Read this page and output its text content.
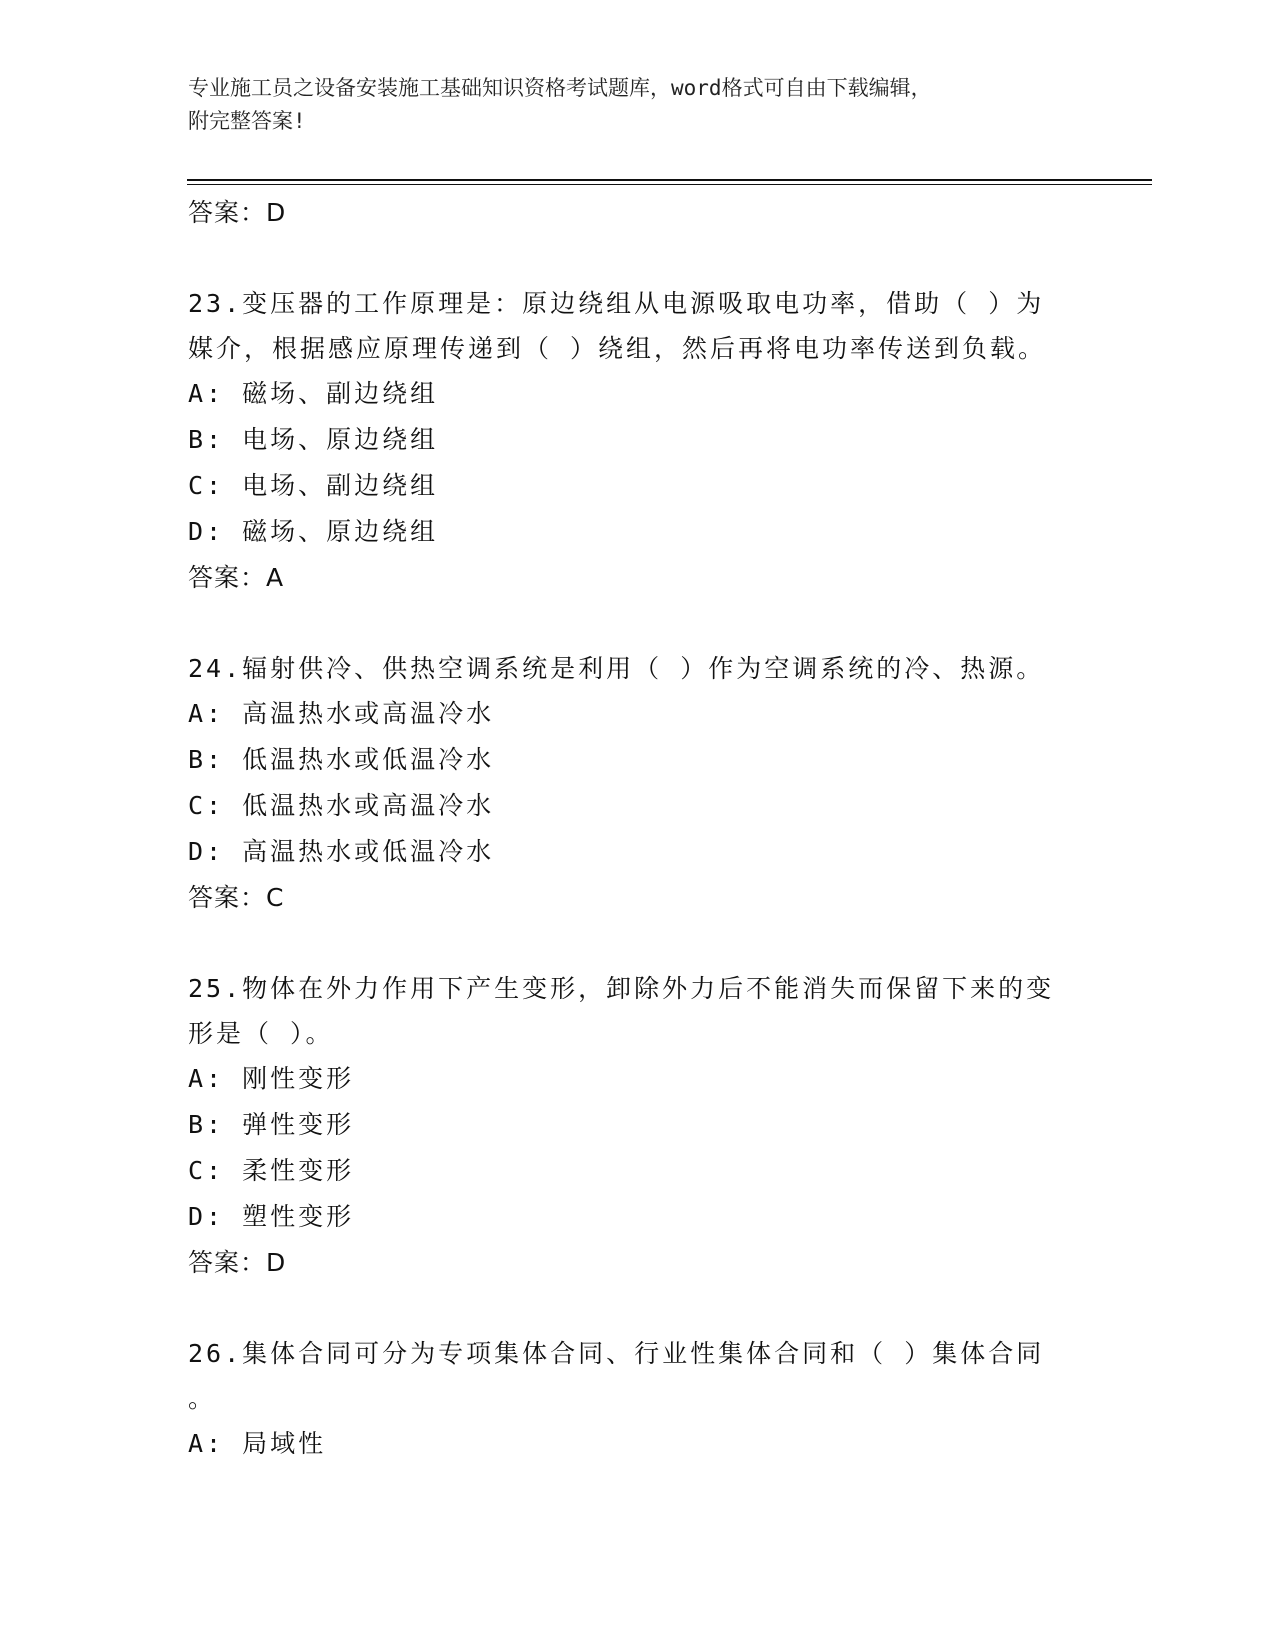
专业施工员之设备安装施工基础知识资格考试题库，word格式可自由下载编辑，
附完整答案!
答案：D
23.变压器的工作原理是：原边绕组从电源吸取电功率，借助（ ）为
媒介，根据感应原理传递到（ ）绕组，然后再将电功率传送到负载。
A: 磁场、副边绕组
B: 电场、原边绕组
C: 电场、副边绕组
D: 磁场、原边绕组
答案：A
24.辐射供冷、供热空调系统是利用（ ）作为空调系统的冷、热源。
A: 高温热水或高温冷水
B: 低温热水或低温冷水
C: 低温热水或高温冷水
D: 高温热水或低温冷水
答案：C
25.物体在外力作用下产生变形，卸除外力后不能消失而保留下来的变
形是（ ）。
A: 刚性变形
B: 弹性变形
C: 柔性变形
D: 塑性变形
答案：D
26.集体合同可分为专项集体合同、行业性集体合同和（ ）集体合同
。
A: 局域性
